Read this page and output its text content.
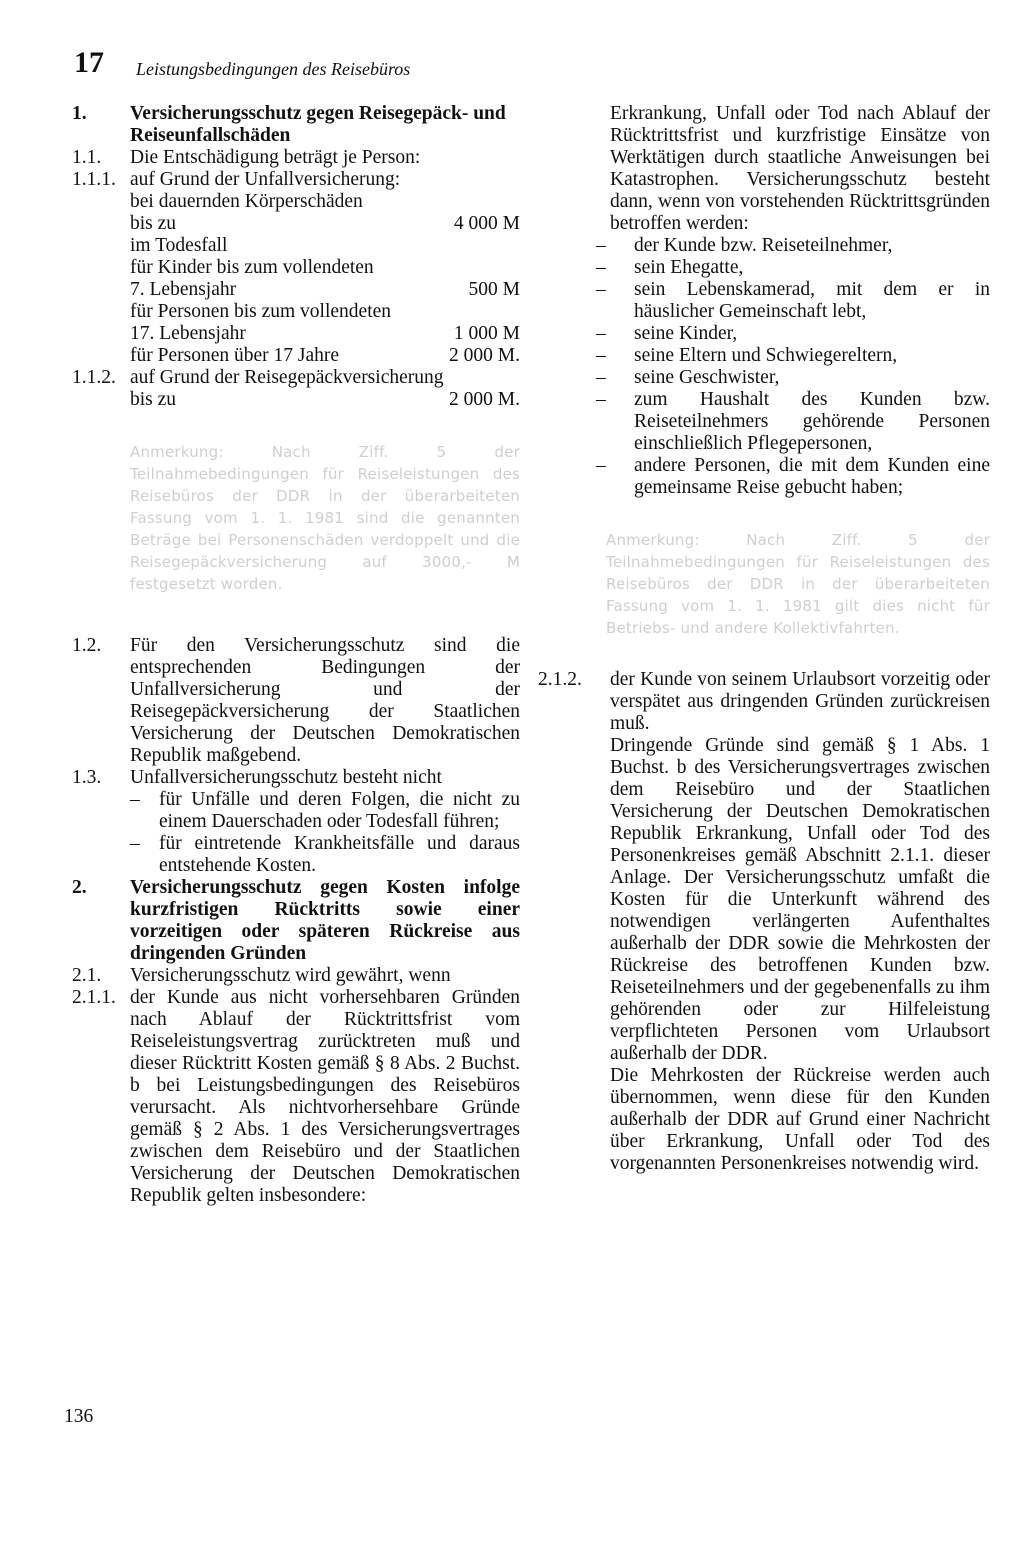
17 Leistungsbedingungen des Reisebüros
1. Versicherungsschutz gegen Reisegepäck- und
Reiseunfallschäden
1.1. Die Entschädigung beträgt je Person:
1.1.1. auf Grund der Unfallversicherung:
bei dauernden Körperschäden
bis zu	4 000 M
im Todesfall
für Kinder bis zum vollendeten
7. Lebensjahr	500 M
für Personen bis zum vollendeten
17. Lebensjahr	1 000 M
für Personen über 17 Jahre	2 000 M.
1.1.2. auf Grund der Reisegepäckversicherung
bis zu	2 000 M.
Anmerkung: Nach Ziff. 5 der Teilnahmebedingungen für Reiseleistungen des Reisebüros der DDR in der überarbeiteten Fassung vom 1. 1. 1981 sind die genannten Beträge bei Personenschäden verdoppelt und die Reisegepäckversicherung auf 3000,- M festgesetzt worden.
1.2. Für den Versicherungsschutz sind die entsprechenden Bedingungen der Unfallversicherung und der Reisegepäckversicherung der Staatlichen Versicherung der Deutschen Demokratischen Republik maßgebend.
1.3. Unfallversicherungsschutz besteht nicht
– für Unfälle und deren Folgen, die nicht zu einem Dauerschaden oder Todesfall führen;
– für eintretende Krankheitsfälle und daraus entstehende Kosten.
2. Versicherungsschutz gegen Kosten infolge kurzfristigen Rücktritts sowie einer vorzeitigen oder späteren Rückreise aus dringenden Gründen
2.1. Versicherungsschutz wird gewährt, wenn
2.1.1. der Kunde aus nicht vorhersehbaren Gründen nach Ablauf der Rücktrittsfrist vom Reiseleistungsvertrag zurücktreten muß und dieser Rücktritt Kosten gemäß § 8 Abs. 2 Buchst. b bei Leistungsbedingungen des Reisebüros verursacht. Als nichtvorhersehbare Gründe gemäß § 2 Abs. 1 des Versicherungsvertrages zwischen dem Reisebüro und der Staatlichen Versicherung der Deutschen Demokratischen Republik gelten insbesondere:
Erkrankung, Unfall oder Tod nach Ablauf der Rücktrittsfrist und kurzfristige Einsätze von Werktätigen durch staatliche Anweisungen bei Katastrophen. Versicherungsschutz besteht dann, wenn von vorstehenden Rücktrittsgründen betroffen werden:
– der Kunde bzw. Reiseteilnehmer,
– sein Ehegatte,
– sein Lebenskamerad, mit dem er in häuslicher Gemeinschaft lebt,
– seine Kinder,
– seine Eltern und Schwiegereltern,
– seine Geschwister,
– zum Haushalt des Kunden bzw. Reiseteilnehmers gehörende Personen einschließlich Pflegepersonen,
– andere Personen, die mit dem Kunden eine gemeinsame Reise gebucht haben;
Anmerkung: Nach Ziff. 5 der Teilnahmebedingungen für Reiseleistungen des Reisebüros der DDR in der überarbeiteten Fassung vom 1. 1. 1981 gilt dies nicht für Betriebs- und andere Kollektivfahrten.
2.1.2. der Kunde von seinem Urlaubsort vorzeitig oder verspätet aus dringenden Gründen zurückreisen muß.
Dringende Gründe sind gemäß § 1 Abs. 1 Buchst. b des Versicherungsvertrages zwischen dem Reisebüro und der Staatlichen Versicherung der Deutschen Demokratischen Republik Erkrankung, Unfall oder Tod des Personenkreises gemäß Abschnitt 2.1.1. dieser Anlage. Der Versicherungsschutz umfaßt die Kosten für die Unterkunft während des notwendigen verlängerten Aufenthaltes außerhalb der DDR sowie die Mehrkosten der Rückreise des betroffenen Kunden bzw. Reiseteilnehmers und der gegebenenfalls zu ihm gehörenden oder zur Hilfeleistung verpflichteten Personen vom Urlaubsort außerhalb der DDR.
Die Mehrkosten der Rückreise werden auch übernommen, wenn diese für den Kunden außerhalb der DDR auf Grund einer Nachricht über Erkrankung, Unfall oder Tod des vorgenannten Personenkreises notwendig wird.
136
